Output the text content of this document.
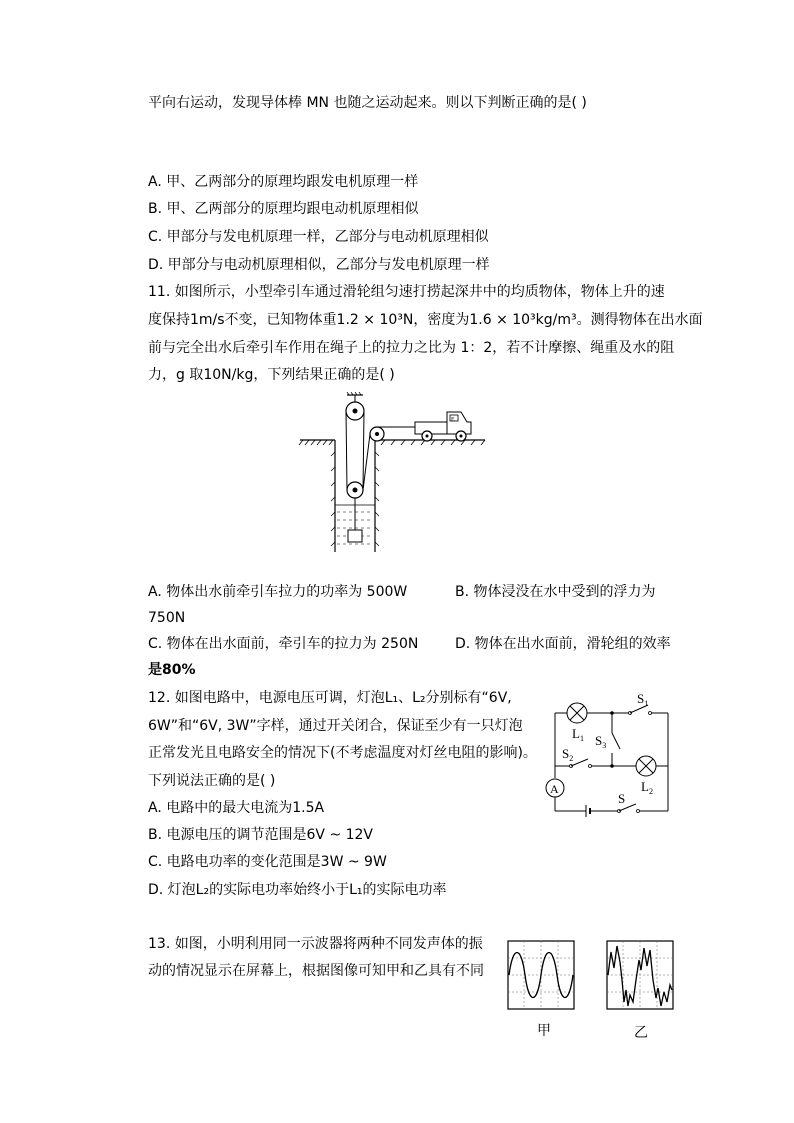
平向右运动，发现导体棒 MN 也随之运动起来。则以下判断正确的是( )
A. 甲、乙两部分的原理均跟发电机原理一样
B. 甲、乙两部分的原理均跟电动机原理相似
C. 甲部分与发电机原理一样，乙部分与电动机原理相似
D. 甲部分与电动机原理相似，乙部分与发电机原理一样
11. 如图所示，小型牵引车通过滑轮组匀速打捞起深井中的均质物体，物体上升的速
度保持1m/s不变，已知物体重1.2 × 10³N，密度为1.6 × 10³kg/m³。测得物体在出水面
前与完全出水后牵引车作用在绳子上的拉力之比为 1：2，若不计摩擦、绳重及水的阻
力，g 取10N/kg，下列结果正确的是( )
E
A. 物体出水前牵引车拉力的功率为 500W	B. 物体浸没在水中受到的浮力为
750N
C. 物体在出水面前，牵引车的拉力为 250N	D. 物体在出水面前，滑轮组的效率
是80%
12. 如图电路中，电源电压可调，灯泡L₁、L₂分别标有“6V,
6W”和“6V, 3W”字样，通过开关闭合，保证至少有一只灯泡
正常发光且电路安全的情况下(不考虑温度对灯丝电阻的影响)。
下列说法正确的是( )
$S_1$
$S_3$
$L_1$
$S_2$
$L_2$
A
S
A. 电路中的最大电流为1.5A
B. 电源电压的调节范围是6V ~ 12V
C. 电路电功率的变化范围是3W ~ 9W
D. 灯泡L₂的实际电功率始终小于L₁的实际电功率
13. 如图，小明利用同一示波器将两种不同发声体的振
动的情况显示在屏幕上，根据图像可知甲和乙具有不同
甲	乙
